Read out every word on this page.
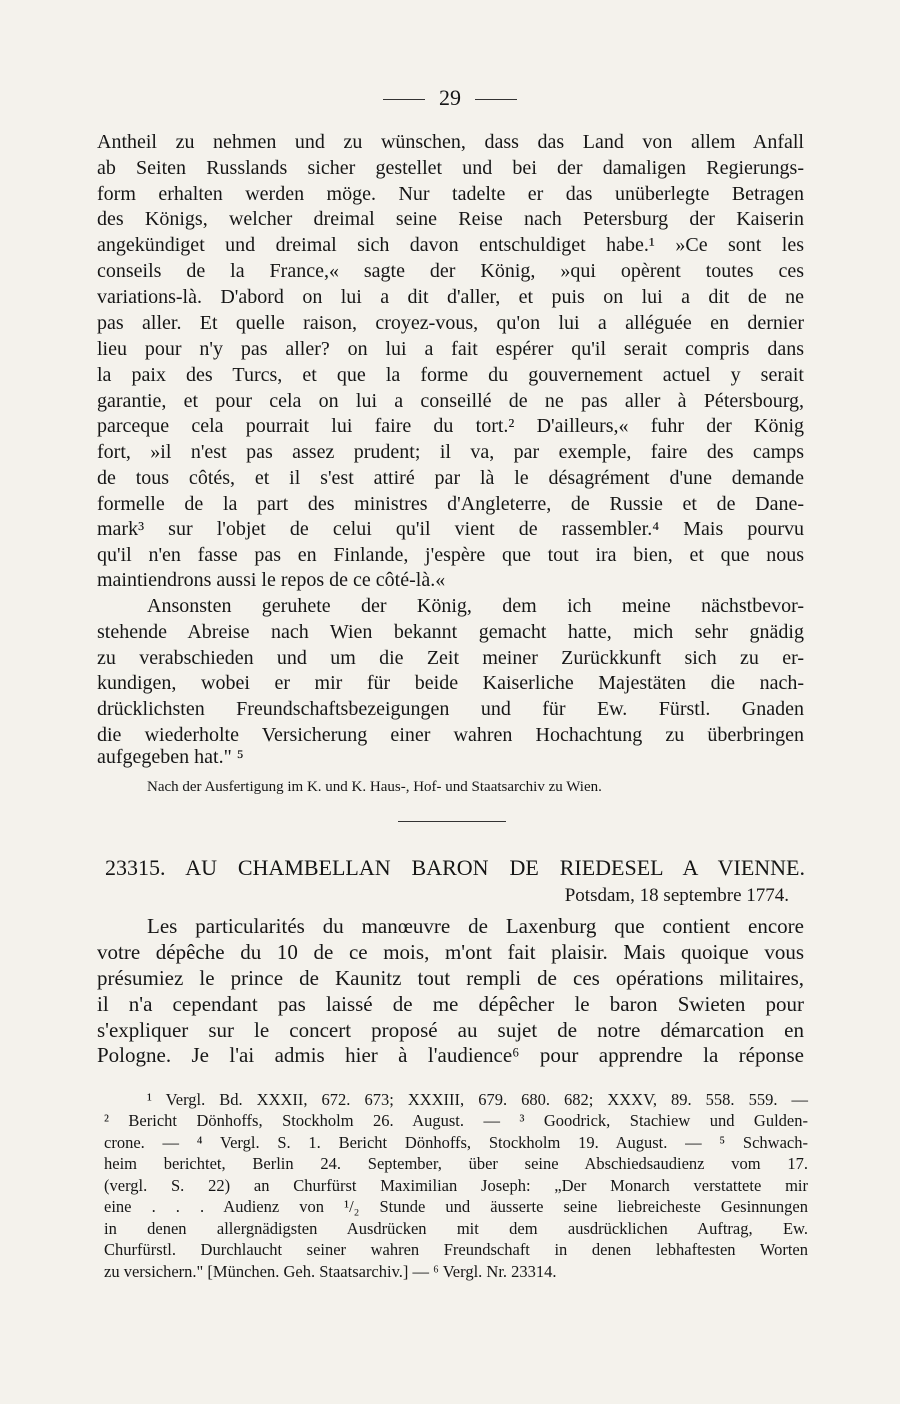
29
Antheil zu nehmen und zu wünschen, dass das Land von allem Anfall
ab Seiten Russlands sicher gestellet und bei der damaligen Regierungs-
form erhalten werden möge. Nur tadelte er das unüberlegte Betragen
des Königs, welcher dreimal seine Reise nach Petersburg der Kaiserin
angekündiget und dreimal sich davon entschuldiget habe.¹ »Ce sont les
conseils de la France,« sagte der König, »qui opèrent toutes ces
variations-là. D'abord on lui a dit d'aller, et puis on lui a dit de ne
pas aller. Et quelle raison, croyez-vous, qu'on lui a alléguée en dernier
lieu pour n'y pas aller? on lui a fait espérer qu'il serait compris dans
la paix des Turcs, et que la forme du gouvernement actuel y serait
garantie, et pour cela on lui a conseillé de ne pas aller à Pétersbourg,
parceque cela pourrait lui faire du tort.² D'ailleurs,« fuhr der König
fort, »il n'est pas assez prudent; il va, par exemple, faire des camps
de tous côtés, et il s'est attiré par là le désagrément d'une demande
formelle de la part des ministres d'Angleterre, de Russie et de Dane-
mark³ sur l'objet de celui qu'il vient de rassembler.⁴ Mais pourvu
qu'il n'en fasse pas en Finlande, j'espère que tout ira bien, et que nous
maintiendrons aussi le repos de ce côté-là.«
Ansonsten geruhete der König, dem ich meine nächstbevor-
stehende Abreise nach Wien bekannt gemacht hatte, mich sehr gnädig
zu verabschieden und um die Zeit meiner Zurückkunft sich zu er-
kundigen, wobei er mir für beide Kaiserliche Majestäten die nach-
drücklichsten Freundschaftsbezeigungen und für Ew. Fürstl. Gnaden
die wiederholte Versicherung einer wahren Hochachtung zu überbringen
aufgegeben hat." ⁵
Nach der Ausfertigung im K. und K. Haus-, Hof- und Staatsarchiv zu Wien.
23315. AU CHAMBELLAN BARON DE RIEDESEL A VIENNE.
Potsdam, 18 septembre 1774.
Les particularités du manœuvre de Laxenburg que contient encore
votre dépêche du 10 de ce mois, m'ont fait plaisir. Mais quoique vous
présumiez le prince de Kaunitz tout rempli de ces opérations militaires,
il n'a cependant pas laissé de me dépêcher le baron Swieten pour
s'expliquer sur le concert proposé au sujet de notre démarcation en
Pologne. Je l'ai admis hier à l'audience⁶ pour apprendre la réponse
¹ Vergl. Bd. XXXII, 672. 673; XXXIII, 679. 680. 682; XXXV, 89. 558. 559. —
² Bericht Dönhoffs, Stockholm 26. August. — ³ Goodrick, Stachiew und Gulden-
crone. — ⁴ Vergl. S. 1. Bericht Dönhoffs, Stockholm 19. August. — ⁵ Schwach-
heim berichtet, Berlin 24. September, über seine Abschiedsaudienz vom 17.
(vergl. S. 22) an Churfürst Maximilian Joseph: „Der Monarch verstattete mir
eine . . . Audienz von ¹/₂ Stunde und äusserte seine liebreicheste Gesinnungen
in denen allergnädigsten Ausdrücken mit dem ausdrücklichen Auftrag, Ew.
Churfürstl. Durchlaucht seiner wahren Freundschaft in denen lebhaftesten Worten
zu versichern." [München. Geh. Staatsarchiv.] — ⁶ Vergl. Nr. 23314.
